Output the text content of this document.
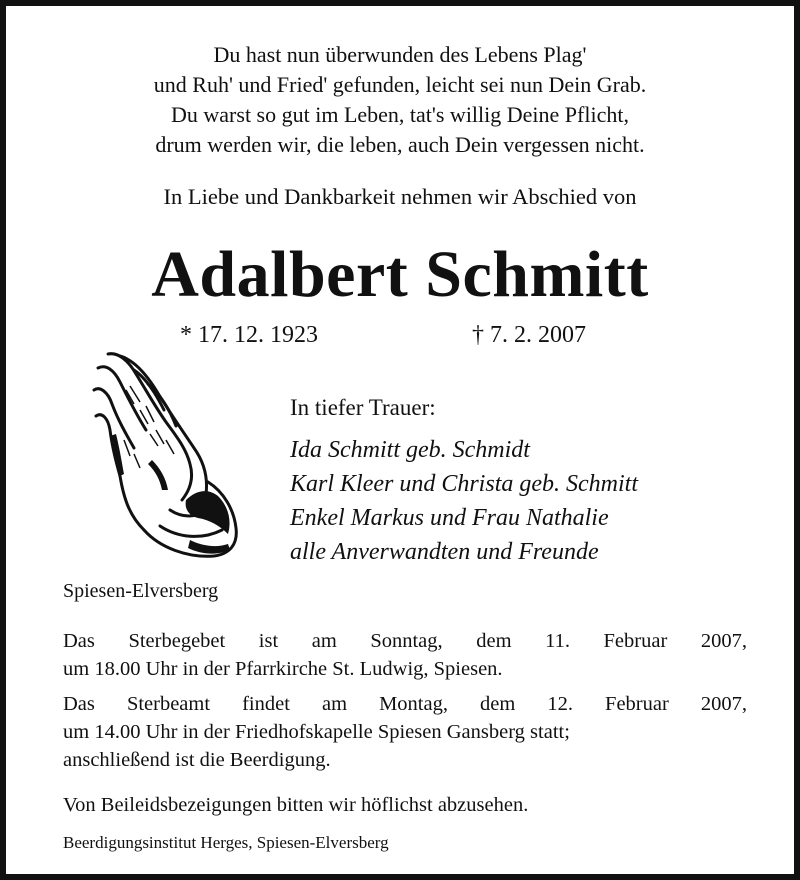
Du hast nun überwunden des Lebens Plag'
und Ruh' und Fried' gefunden, leicht sei nun Dein Grab.
Du warst so gut im Leben, tat's willig Deine Pflicht,
drum werden wir, die leben, auch Dein vergessen nicht.
In Liebe und Dankbarkeit nehmen wir Abschied von
Adalbert Schmitt
* 17. 12. 1923	† 7. 2. 2007
In tiefer Trauer:
Ida Schmitt geb. Schmidt
Karl Kleer und Christa geb. Schmitt
Enkel Markus und Frau Nathalie
alle Anverwandten und Freunde
Spiesen-Elversberg
Das Sterbegebet ist am Sonntag, dem 11. Februar 2007,
um 18.00 Uhr in der Pfarrkirche St. Ludwig, Spiesen.
Das Sterbeamt findet am Montag, dem 12. Februar 2007,
um 14.00 Uhr in der Friedhofskapelle Spiesen Gansberg statt;
anschließend ist die Beerdigung.
Von Beileidsbezeigungen bitten wir höflichst abzusehen.
Beerdigungsinstitut Herges, Spiesen-Elversberg
